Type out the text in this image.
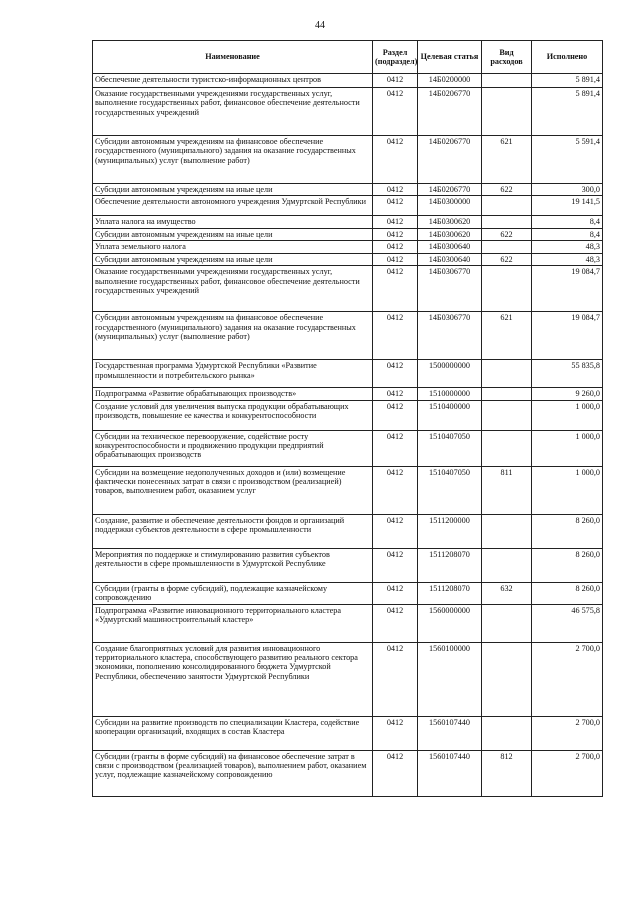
44
Наименование	Раздел (подраздел)	Целевая статья	Вид расходов	Исполнено
Обеспечение деятельности туристско-информационных центров	0412	14Б0200000		5 891,4
Оказание государственными учреждениями государственных услуг, выполнение государственных работ, финансовое обеспечение деятельности государственных учреждений	0412	14Б0206770		5 891,4
Субсидии автономным учреждениям на финансовое обеспечение государственного (муниципального) задания на оказание государственных (муниципальных) услуг (выполнение работ)	0412	14Б0206770	621	5 591,4
Субсидии автономным учреждениям на иные цели	0412	14Б0206770	622	300,0
Обеспечение деятельности автономного учреждения Удмуртской Республики	0412	14Б0300000		19 141,5
Уплата налога на имущество	0412	14Б0300620		8,4
Субсидии автономным учреждениям на иные цели	0412	14Б0300620	622	8,4
Уплата земельного налога	0412	14Б0300640		48,3
Субсидии автономным учреждениям на иные цели	0412	14Б0300640	622	48,3
Оказание государственными учреждениями государственных услуг, выполнение государственных работ, финансовое обеспечение деятельности государственных учреждений	0412	14Б0306770		19 084,7
Субсидии автономным учреждениям на финансовое обеспечение государственного (муниципального) задания на оказание государственных (муниципальных) услуг (выполнение работ)	0412	14Б0306770	621	19 084,7
Государственная программа Удмуртской Республики «Развитие промышленности и потребительского рынка»	0412	1500000000		55 835,8
Подпрограмма «Развитие обрабатывающих производств»	0412	1510000000		9 260,0
Создание условий для увеличения выпуска продукции обрабатывающих производств, повышение ее качества и конкурентоспособности	0412	1510400000		1 000,0
Субсидии на техническое перевооружение, содействие росту конкурентоспособности и продвижению продукции предприятий обрабатывающих производств	0412	1510407050		1 000,0
Субсидии на возмещение недополученных доходов и (или) возмещение фактически понесенных затрат в связи с производством (реализацией) товаров, выполнением работ, оказанием услуг	0412	1510407050	811	1 000,0
Создание, развитие и обеспечение деятельности фондов и организаций поддержки субъектов деятельности в сфере промышленности	0412	1511200000		8 260,0
Мероприятия по поддержке и стимулированию развития субъектов деятельности в сфере промышленности в Удмуртской Республике	0412	1511208070		8 260,0
Субсидии (гранты в форме субсидий), подлежащие казначейскому сопровождению	0412	1511208070	632	8 260,0
Подпрограмма «Развитие инновационного территориального кластера «Удмуртский машиностроительный кластер»	0412	1560000000		46 575,8
Создание благоприятных условий для развития инновационного территориального кластера, способствующего развитию реального сектора экономики, пополнению консолидированного бюджета Удмуртской Республики, обеспечению занятости Удмуртской Республики	0412	1560100000		2 700,0
Субсидии на развитие производств по специализации Кластера, содействие кооперации организаций, входящих в состав Кластера	0412	1560107440		2 700,0
Субсидии (гранты в форме субсидий) на финансовое обеспечение затрат в связи с производством (реализацией товаров), выполнением работ, оказанием услуг, подлежащие казначейскому сопровождению	0412	1560107440	812	2 700,0
